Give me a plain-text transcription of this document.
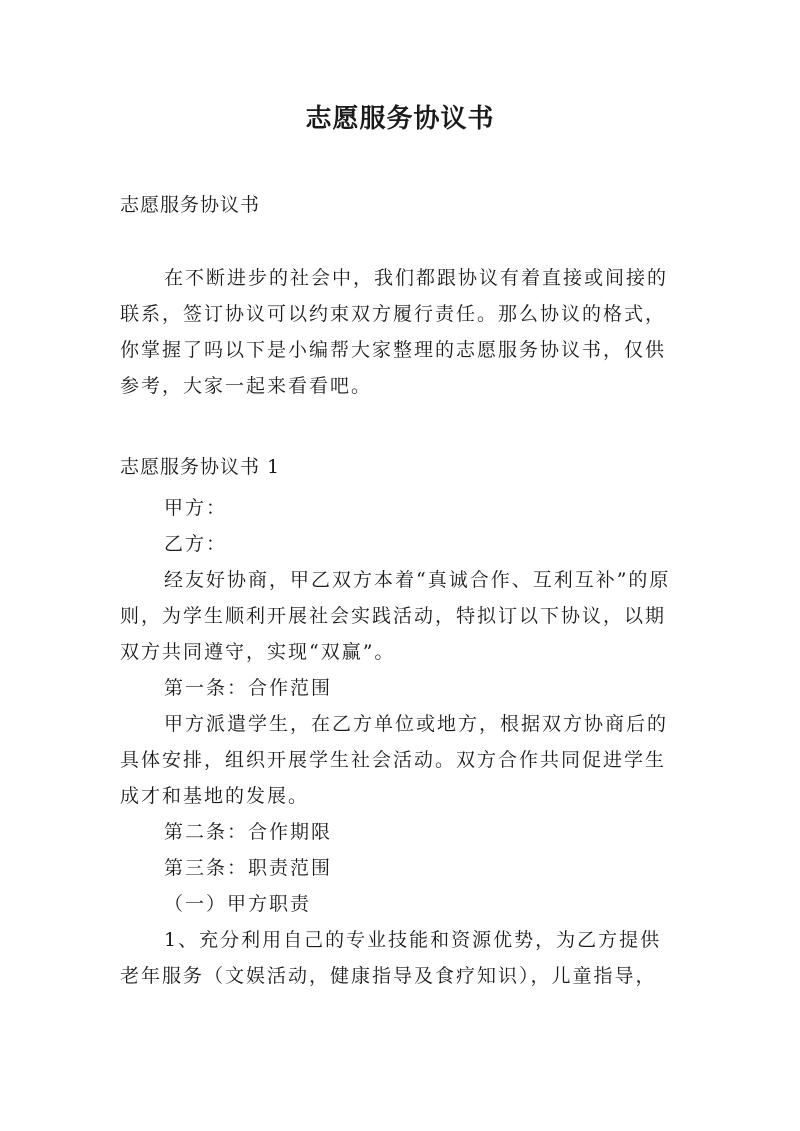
志愿服务协议书

志愿服务协议书

在不断进步的社会中，我们都跟协议有着直接或间接的联系，签订协议可以约束双方履行责任。那么协议的格式，你掌握了吗以下是小编帮大家整理的志愿服务协议书，仅供参考，大家一起来看看吧。

志愿服务协议书 1

甲方：

乙方：

经友好协商，甲乙双方本着“真诚合作、互利互补”的原则，为学生顺利开展社会实践活动，特拟订以下协议，以期双方共同遵守，实现“双赢”。

第一条：合作范围

甲方派遣学生，在乙方单位或地方，根据双方协商后的具体安排，组织开展学生社会活动。双方合作共同促进学生成才和基地的发展。

第二条：合作期限

第三条：职责范围

（一）甲方职责

1、充分利用自己的专业技能和资源优势，为乙方提供老年服务（文娱活动，健康指导及食疗知识），儿童指导，
